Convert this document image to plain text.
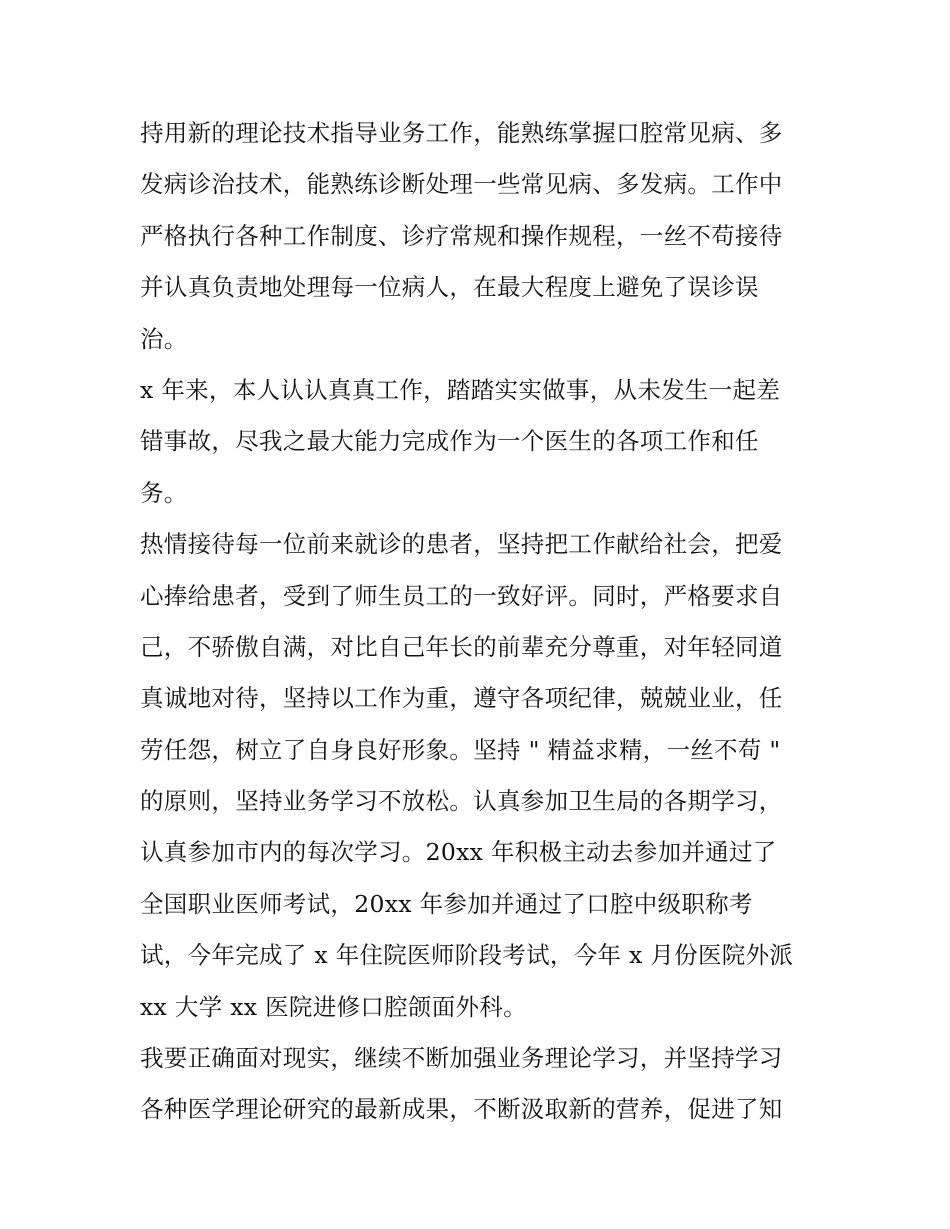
持用新的理论技术指导业务工作，能熟练掌握口腔常见病、多
发病诊治技术，能熟练诊断处理一些常见病、多发病。工作中
严格执行各种工作制度、诊疗常规和操作规程，一丝不苟接待
并认真负责地处理每一位病人，在最大程度上避免了误诊误
治。
x 年来，本人认认真真工作，踏踏实实做事，从未发生一起差
错事故，尽我之最大能力完成作为一个医生的各项工作和任
务。
热情接待每一位前来就诊的患者，坚持把工作献给社会，把爱
心捧给患者，受到了师生员工的一致好评。同时，严格要求自
己，不骄傲自满，对比自己年长的前辈充分尊重，对年轻同道
真诚地对待，坚持以工作为重，遵守各项纪律，兢兢业业，任
劳任怨，树立了自身良好形象。坚持 " 精益求精，一丝不苟 "
的原则，坚持业务学习不放松。认真参加卫生局的各期学习，
认真参加市内的每次学习。20xx 年积极主动去参加并通过了
全国职业医师考试，20xx 年参加并通过了口腔中级职称考
试，今年完成了 x 年住院医师阶段考试，今年 x 月份医院外派
xx 大学 xx 医院进修口腔颌面外科。
我要正确面对现实，继续不断加强业务理论学习，并坚持学习
各种医学理论研究的最新成果，不断汲取新的营养，促进了知
